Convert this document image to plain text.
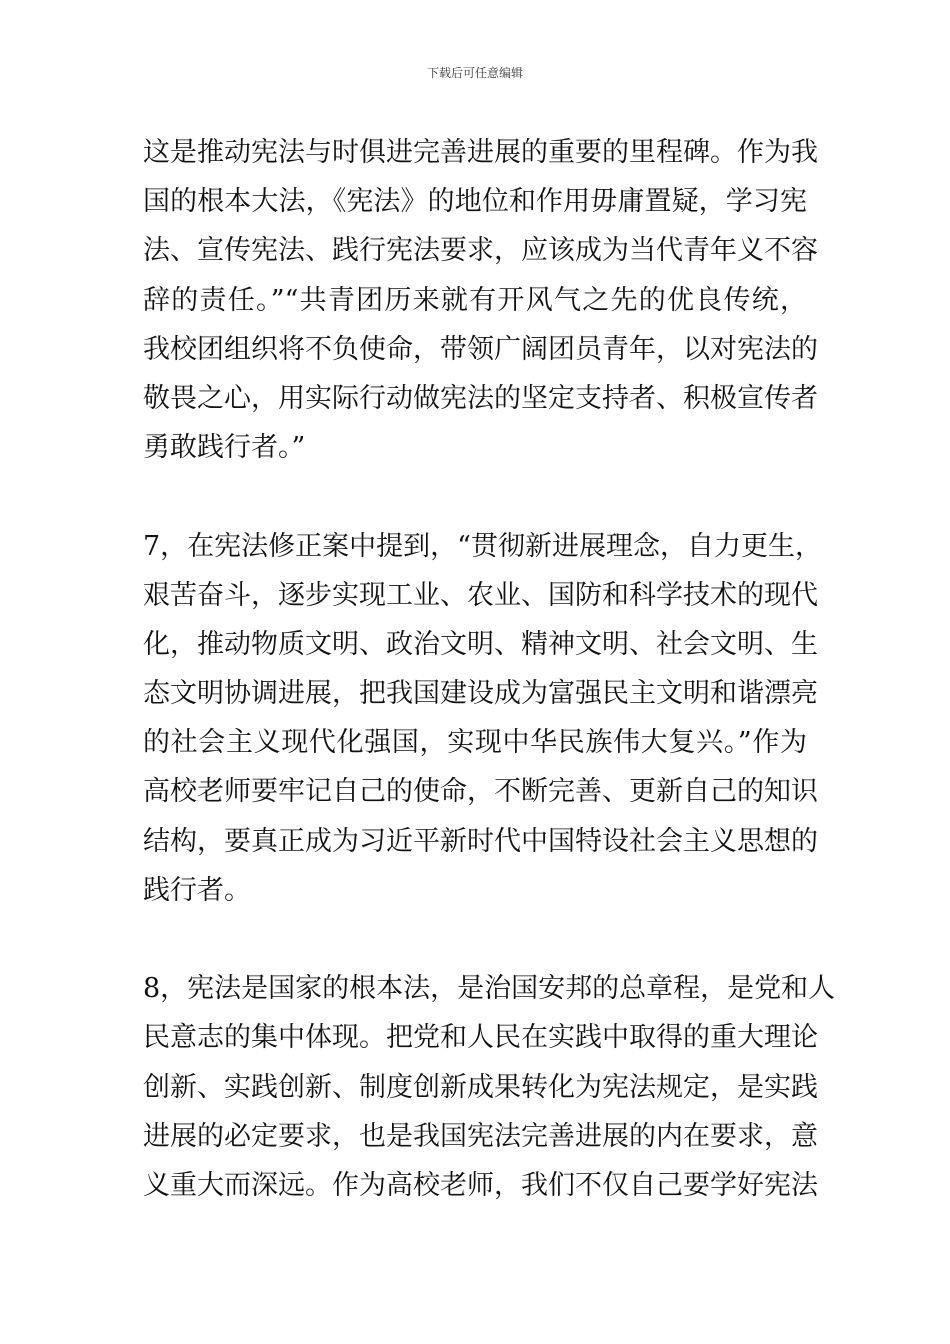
下载后可任意编辑
这是推动宪法与时俱进完善进展的重要的里程碑。作为我
国的根本大法，《宪法》的地位和作用毋庸置疑，学习宪
法、宣传宪法、践行宪法要求，应该成为当代青年义不容
辞的责任。”“共青团历来就有开风气之先的优良传统，
我校团组织将不负使命，带领广阔团员青年，以对宪法的
敬畏之心，用实际行动做宪法的坚定支持者、积极宣传者
勇敢践行者。”
7，在宪法修正案中提到，“贯彻新进展理念，自力更生，
艰苦奋斗，逐步实现工业、农业、国防和科学技术的现代
化，推动物质文明、政治文明、精神文明、社会文明、生
态文明协调进展，把我国建设成为富强民主文明和谐漂亮
的社会主义现代化强国，实现中华民族伟大复兴。”作为
高校老师要牢记自己的使命，不断完善、更新自己的知识
结构，要真正成为习近平新时代中国特设社会主义思想的
践行者。
8，宪法是国家的根本法，是治国安邦的总章程，是党和人
民意志的集中体现。把党和人民在实践中取得的重大理论
创新、实践创新、制度创新成果转化为宪法规定，是实践
进展的必定要求，也是我国宪法完善进展的内在要求，意
义重大而深远。作为高校老师，我们不仅自己要学好宪法
